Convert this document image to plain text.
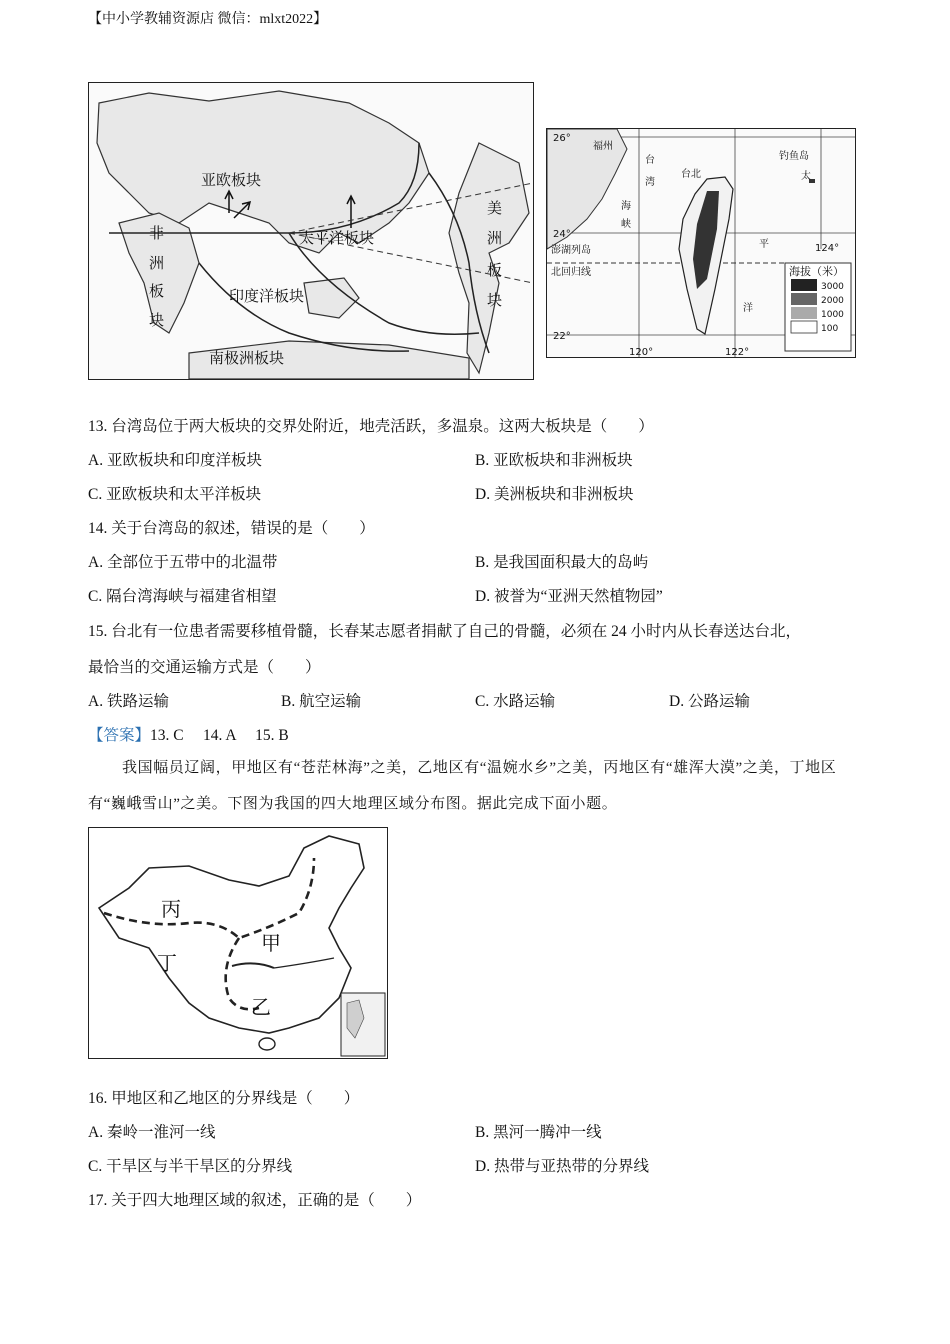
【中小学教辅资源店 微信：mlxt2022】
亚欧板块
太平洋板块
印度洋板块
南极洲板块
非
洲
板
块
美
洲
板
块
海拔（米）
3000
2000
1000
100
26°
24°
22°
120°	122°
124°
福州
台北
钓鱼岛
澎湖列岛
北回归线
台
湾
海
峡
太
平
洋
13. 台湾岛位于两大板块的交界处附近，地壳活跃，多温泉。这两大板块是（　　）
A. 亚欧板块和印度洋板块	B. 亚欧板块和非洲板块
C. 亚欧板块和太平洋板块	D. 美洲板块和非洲板块
14. 关于台湾岛的叙述，错误的是（　　）
A. 全部位于五带中的北温带	B. 是我国面积最大的岛屿
C. 隔台湾海峡与福建省相望	D. 被誉为“亚洲天然植物园”
15. 台北有一位患者需要移植骨髓，长春某志愿者捐献了自己的骨髓，必须在 24 小时内从长春送达台北，
最恰当的交通运输方式是（　　）
A. 铁路运输	B. 航空运输	C. 水路运输	D. 公路运输
【答案】13. C　 14. A　 15. B
我国幅员辽阔，甲地区有“苍茫林海”之美，乙地区有“温婉水乡”之美，丙地区有“雄浑大漠”之美，丁地区有“巍峨雪山”之美。下图为我国的四大地理区域分布图。据此完成下面小题。
丙
丁
甲
乙
16. 甲地区和乙地区的分界线是（　　）
A. 秦岭一淮河一线	B. 黑河一腾冲一线
C. 干旱区与半干旱区的分界线	D. 热带与亚热带的分界线
17. 关于四大地理区域的叙述，正确的是（　　）
